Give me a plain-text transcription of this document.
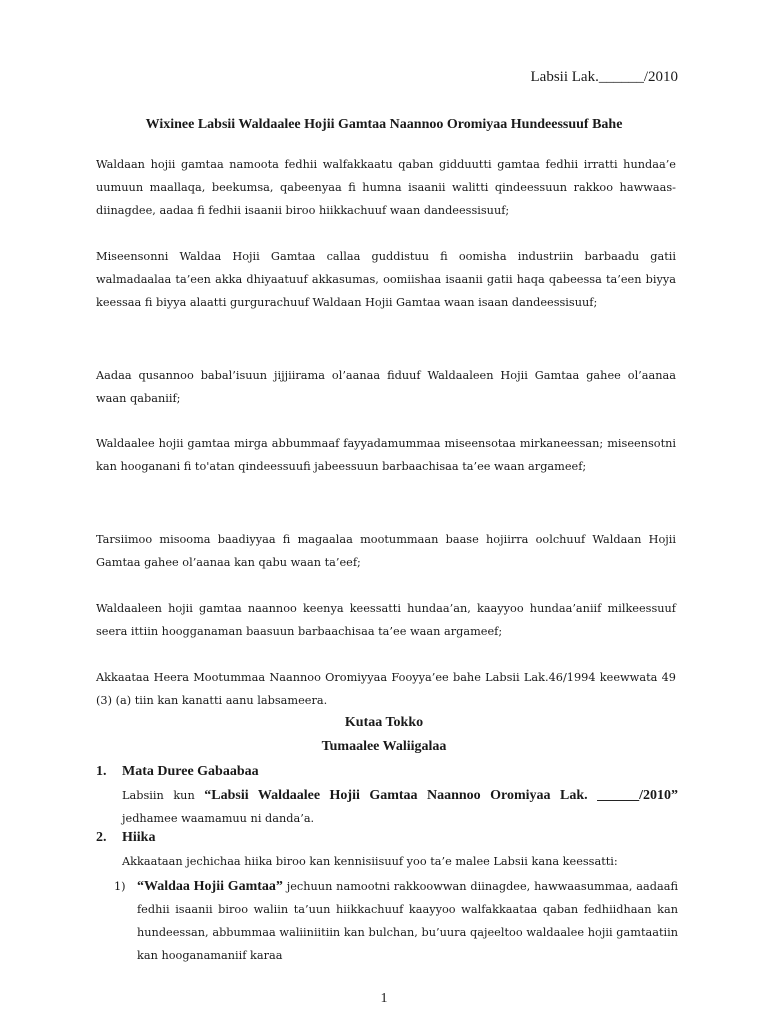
Labsii Lak.______/2010
Wixinee Labsii Waldaalee Hojii Gamtaa Naannoo Oromiyaa Hundeessuuf Bahe
Waldaan hojii gamtaa namoota fedhii walfakkaatu qaban gidduutti gamtaa fedhii irratti hundaa’e uumuun maallaqa, beekumsa, qabeenyaa fi humna isaanii walitti qindeessuun rakkoo hawwaas-diinagdee, aadaa fi fedhii isaanii biroo hiikkachuuf waan dandeessisuuf;
Miseensonni Waldaa Hojii Gamtaa callaa guddistuu fi oomisha industriin barbaadu gatii walmadaalaa ta’een akka dhiyaatuuf akkasumas, oomiishaa isaanii gatii haqa qabeessa ta’een biyya keessaa fi biyya alaatti gurgurachuuf Waldaan Hojii Gamtaa waan isaan dandeessisuuf;
Aadaa qusannoo babal’isuun jijjiirama ol’aanaa fiduuf Waldaaleen Hojii Gamtaa gahee ol’aanaa waan qabaniif;
Waldaalee hojii gamtaa mirga abbummaaf fayyadamummaa miseensotaa mirkaneessan; miseensotni kan hooganani fi to'atan qindeessuufi jabeessuun barbaachisaa ta’ee waan argameef;
Tarsiimoo misooma baadiyyaa fi magaalaa mootummaan baase hojiirra oolchuuf Waldaan Hojii Gamtaa gahee ol’aanaa kan qabu waan ta’eef;
Waldaaleen hojii gamtaa naannoo keenya keessatti hundaa’an, kaayyoo hundaa’aniif milkeessuuf seera ittiin hoogganaman baasuun barbaachisaa ta’ee waan argameef;
Akkaataa Heera Mootummaa Naannoo Oromiyyaa Fooyya’ee bahe Labsii Lak.46/1994 keewwata 49 (3) (a) tiin kan kanatti aanu labsameera.
Kutaa Tokko
Tumaalee Waliigalaa
1. Mata Duree Gabaabaa
Labsiin kun “Labsii Waldaalee Hojii Gamtaa Naannoo Oromiyaa Lak. ______/2010” jedhamee waamamuu ni danda’a.
2. Hiika
Akkaataan jechichaa hiika biroo kan kennisiisuuf yoo ta’e malee Labsii kana keessatti:
1) “Waldaa Hojii Gamtaa” jechuun namootni rakkoowwan diinagdee, hawwaasummaa, aadaafi fedhii isaanii biroo waliin ta’uun hiikkachuuf kaayyoo walfakkaataa qaban fedhiidhaan kan hundeessan, abbummaa waliiniitiin kan bulchan, bu’uura qajeeltoo waldaalee hojii gamtaatiin kan hooganamaniif karaa
1
